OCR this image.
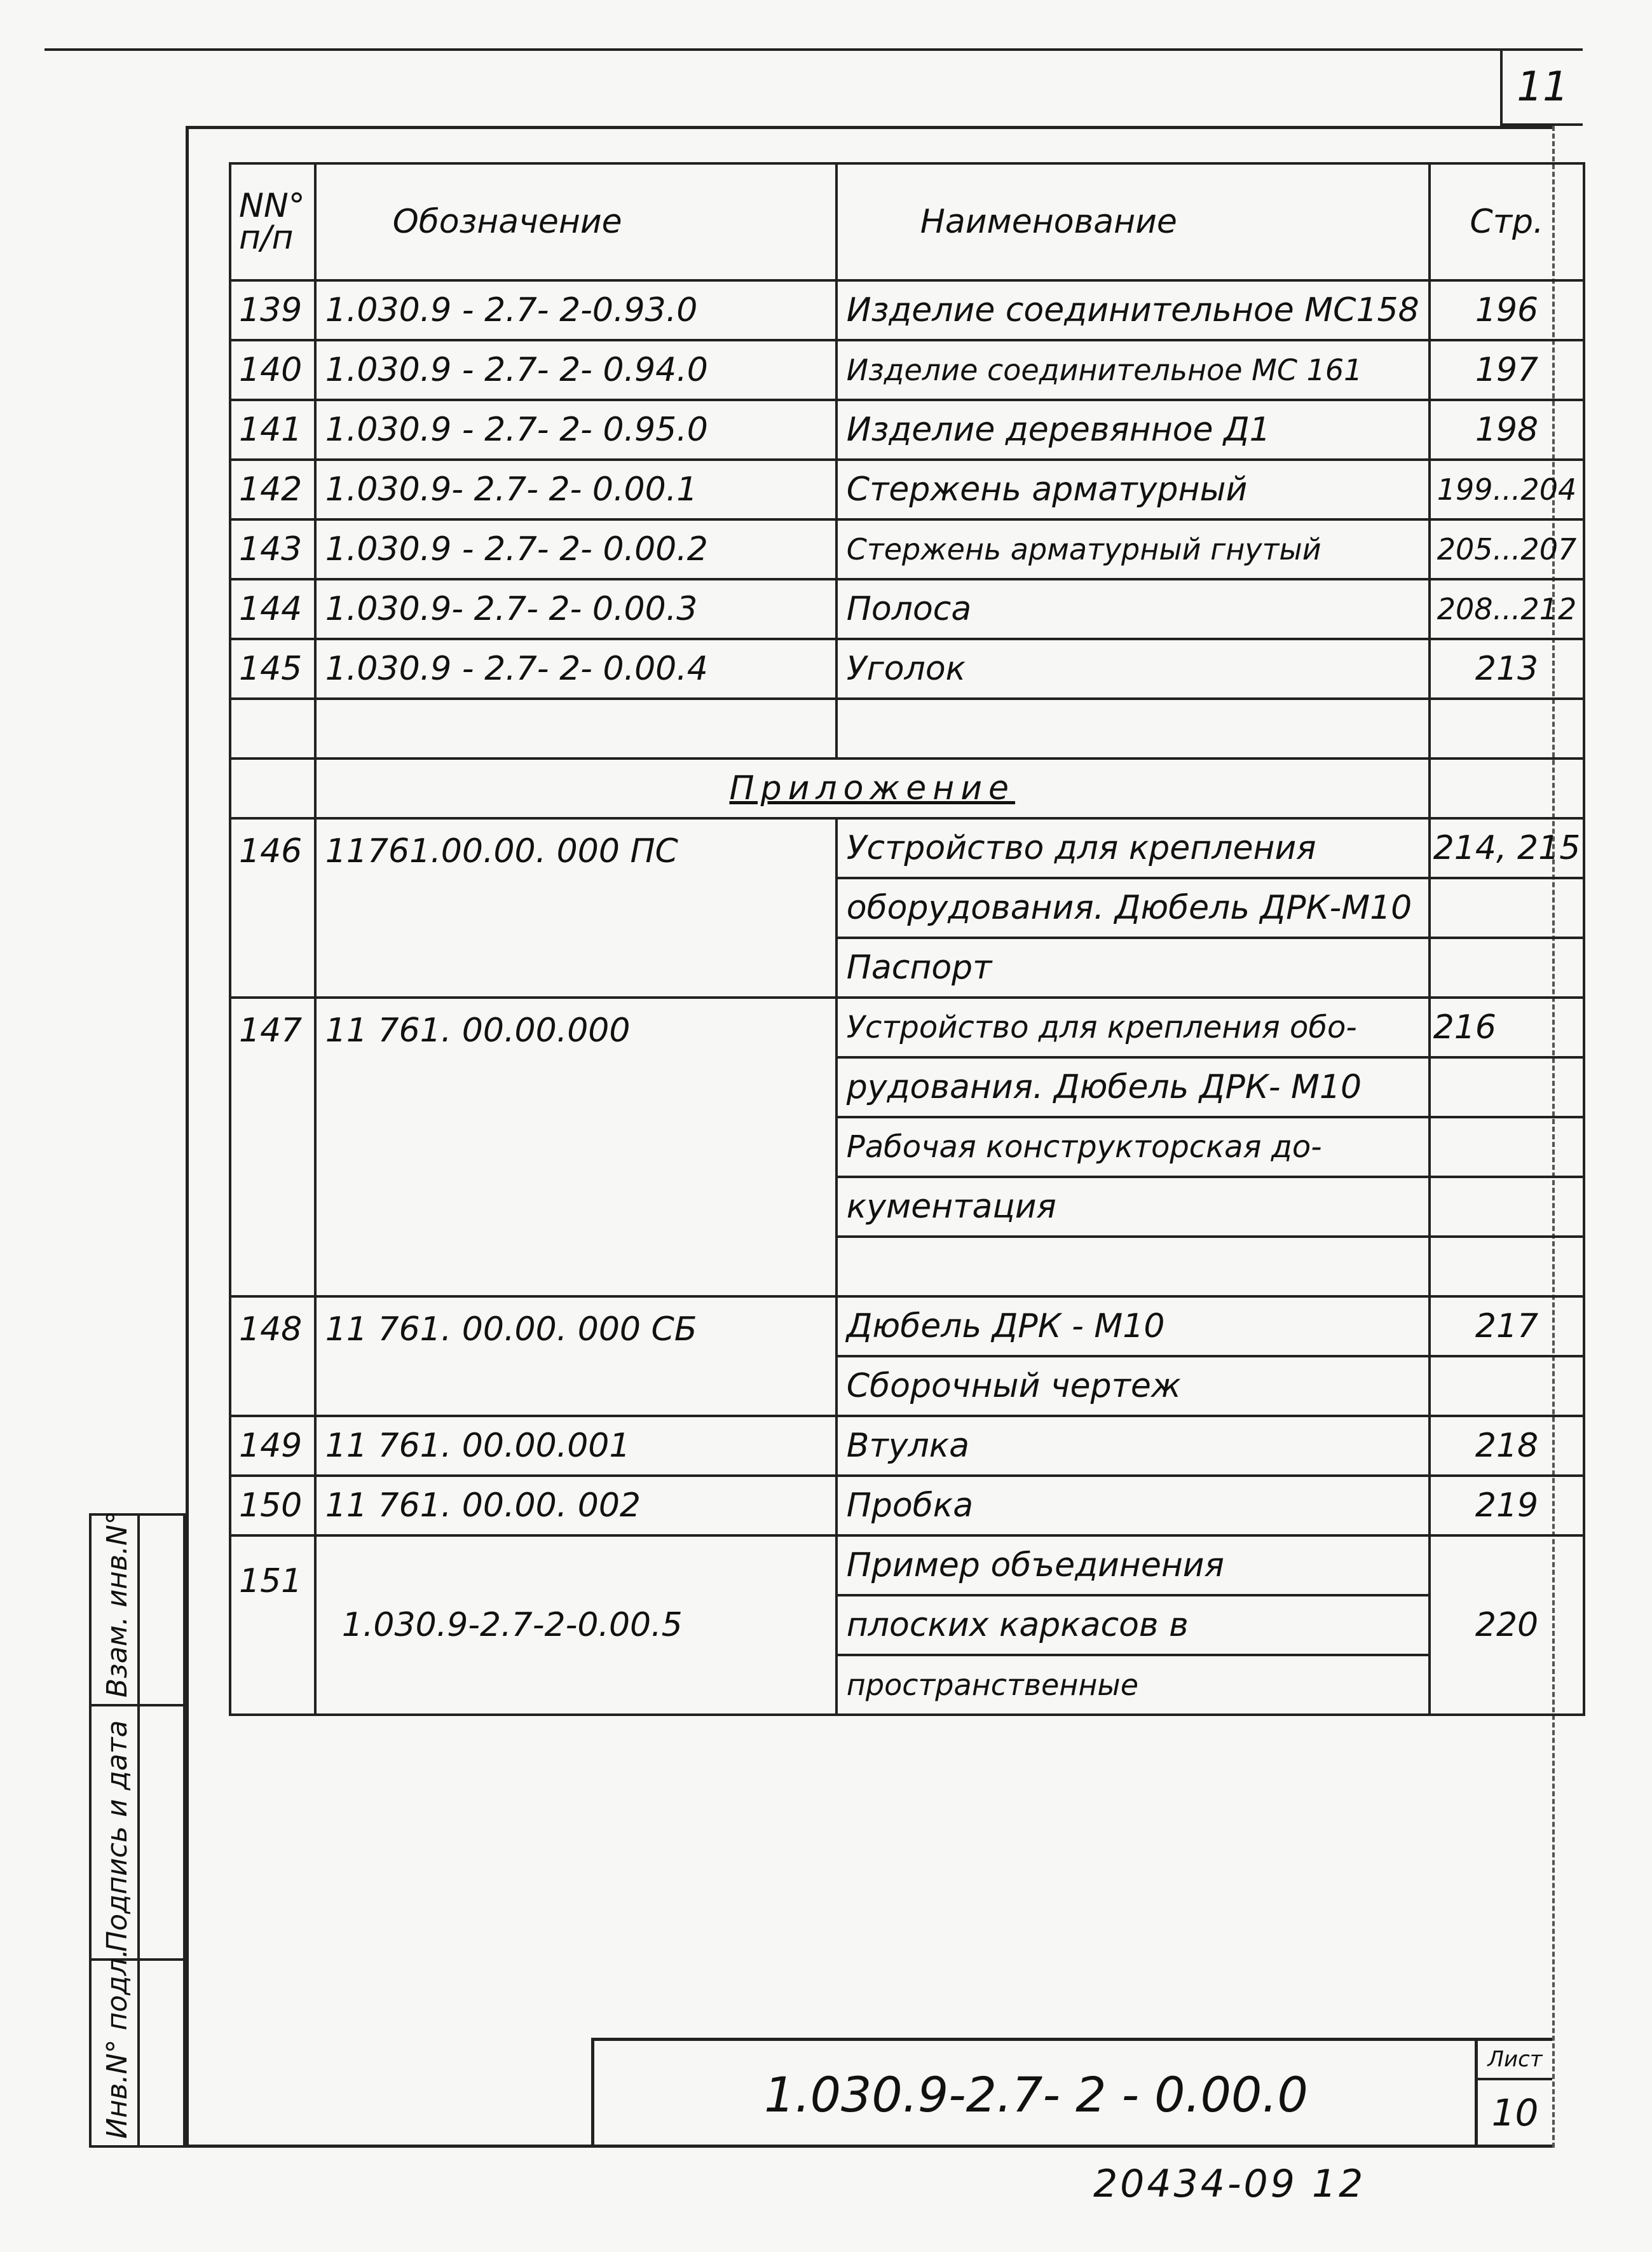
11
NN° п/п	Обозначение	Наименование	Стр.
139	1.030.9 - 2.7- 2-0.93.0	Изделие соединительное МС158	196
140	1.030.9 - 2.7- 2- 0.94.0	Изделие соединительное МС 161	197
141	1.030.9 - 2.7- 2- 0.95.0	Изделие деревянное Д1	198
142	1.030.9- 2.7- 2- 0.00.1	Стержень арматурный	199...204
143	1.030.9 - 2.7- 2- 0.00.2	Стержень арматурный гнутый	205...207
144	1.030.9- 2.7- 2- 0.00.3	Полоса	208...212
145	1.030.9 - 2.7- 2- 0.00.4	Уголок	213

	Приложение		
146	11761.00.00. 000 ПС	Устройство для крепления	214, 215
		оборудования. Дюбель ДРК-М10	
		Паспорт	
147	11 761. 00.00.000	Устройство для крепления обо-	216
		рудования. Дюбель ДРК- М10	
		Рабочая конструкторская до-	
		кументация	

148	11 761. 00.00. 000 СБ	Дюбель ДРК - М10	217
		Сборочный чертеж	
149	11 761. 00.00.001	Втулка	218
150	11 761. 00.00. 002	Пробка	219
151	1.030.9-2.7-2-0.00.5	Пример объединения	220
		плоских каркасов в	
		пространственные	
Взам. инв.N°
Подпись и дата
Инв.N° подл.	1.030.9-2.7- 2 - 0.00.0
Лист
10
20434-09 12
